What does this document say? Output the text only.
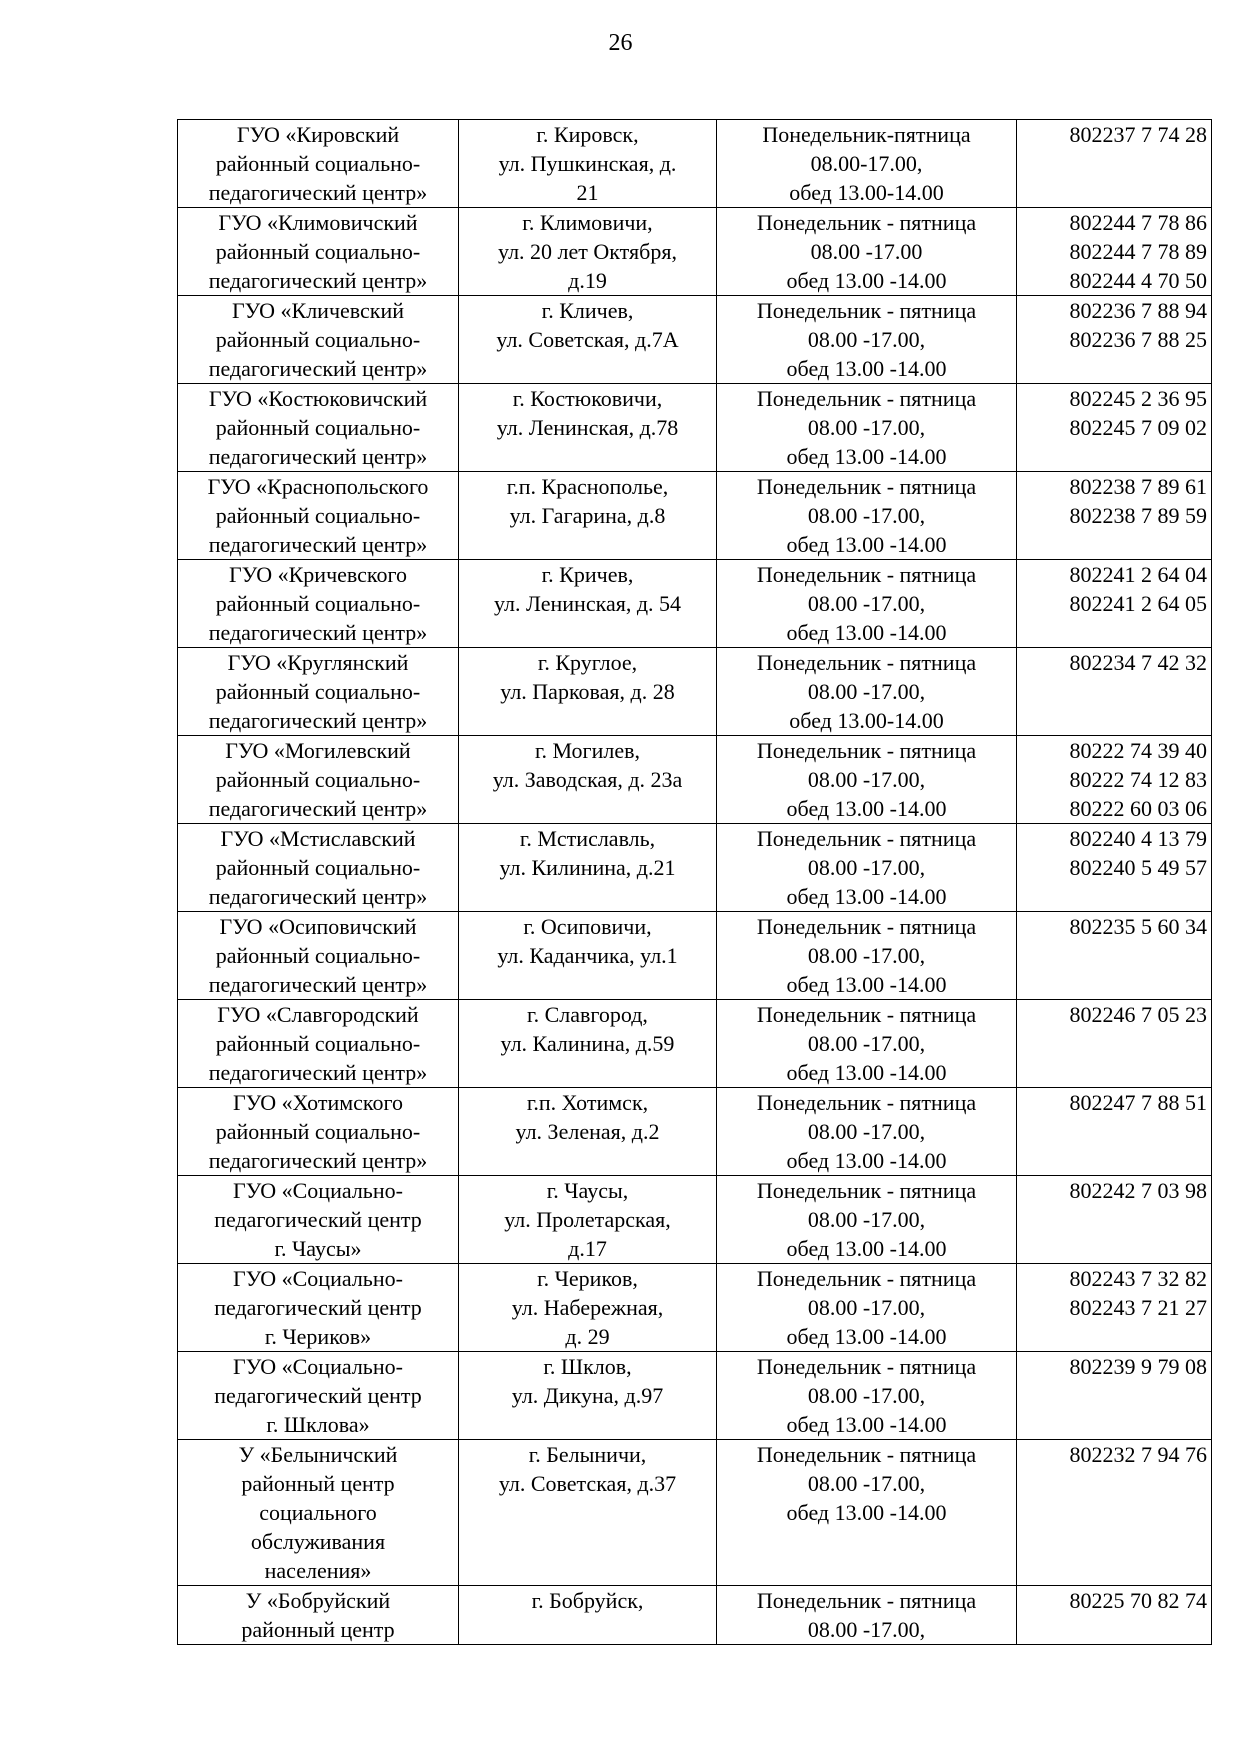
26
ГУО «Кировский
районный социально-
педагогический центр»	г. Кировск,
ул. Пушкинская, д.
21	Понедельник-пятница
08.00-17.00,
обед 13.00-14.00	802237 7 74 28

ГУО «Климовичский
районный социально-
педагогический центр»	г. Климовичи,
ул. 20 лет Октября,
д.19	Понедельник - пятница
08.00 -17.00
обед 13.00 -14.00	802244 7 78 86
802244 7 78 89
802244 4 70 50

ГУО «Кличевский
районный социально-
педагогический центр»	г. Кличев,
ул. Советская, д.7А	Понедельник - пятница
08.00 -17.00,
обед 13.00 -14.00	802236 7 88 94
802236 7 88 25

ГУО «Костюковичский
районный социально-
педагогический центр»	г. Костюковичи,
ул. Ленинская, д.78	Понедельник - пятница
08.00 -17.00,
обед 13.00 -14.00	802245 2 36 95
802245 7 09 02

ГУО «Краснопольского
районный социально-
педагогический центр»	г.п. Краснополье,
ул. Гагарина, д.8	Понедельник - пятница
08.00 -17.00,
обед 13.00 -14.00	802238 7 89 61
802238 7 89 59

ГУО «Кричевского
районный социально-
педагогический центр»	г. Кричев,
ул. Ленинская, д. 54	Понедельник - пятница
08.00 -17.00,
обед 13.00 -14.00	802241 2 64 04
802241 2 64 05

ГУО «Круглянский
районный социально-
педагогический центр»	г. Круглое,
ул. Парковая, д. 28	Понедельник - пятница
08.00 -17.00,
обед 13.00-14.00	802234 7 42 32

ГУО «Могилевский
районный социально-
педагогический центр»	г. Могилев,
ул. Заводская, д. 23а	Понедельник - пятница
08.00 -17.00,
обед 13.00 -14.00	80222 74 39 40
80222 74 12 83
80222 60 03 06

ГУО «Мстиславский
районный социально-
педагогический центр»	г. Мстиславль,
ул. Килинина, д.21	Понедельник - пятница
08.00 -17.00,
обед 13.00 -14.00	802240 4 13 79
802240 5 49 57

ГУО «Осиповичский
районный социально-
педагогический центр»	г. Осиповичи,
ул. Каданчика, ул.1	Понедельник - пятница
08.00 -17.00,
обед 13.00 -14.00	802235 5 60 34

ГУО «Славгородский
районный социально-
педагогический центр»	г. Славгород,
ул. Калинина, д.59	Понедельник - пятница
08.00 -17.00,
обед 13.00 -14.00	802246 7 05 23

ГУО «Хотимского
районный социально-
педагогический центр»	г.п. Хотимск,
ул. Зеленая, д.2	Понедельник - пятница
08.00 -17.00,
обед 13.00 -14.00	802247 7 88 51

ГУО «Социально-
педагогический центр
г. Чаусы»	г. Чаусы,
ул. Пролетарская,
д.17	Понедельник - пятница
08.00 -17.00,
обед 13.00 -14.00	802242 7 03 98

ГУО «Социально-
педагогический центр
г. Чериков»	г. Чериков,
ул. Набережная,
д. 29	Понедельник - пятница
08.00 -17.00,
обед 13.00 -14.00	802243 7 32 82
802243 7 21 27

ГУО «Социально-
педагогический центр
г. Шклова»	г. Шклов,
ул. Дикуна, д.97	Понедельник - пятница
08.00 -17.00,
обед 13.00 -14.00	802239 9 79 08

У «Белыничский
районный центр
социального
обслуживания
населения»	г. Белыничи,
ул. Советская, д.37	Понедельник - пятница
08.00 -17.00,
обед 13.00 -14.00	802232 7 94 76

У «Бобруйский
районный центр	г. Бобруйск,	Понедельник - пятница
08.00 -17.00,	80225 70 82 74
